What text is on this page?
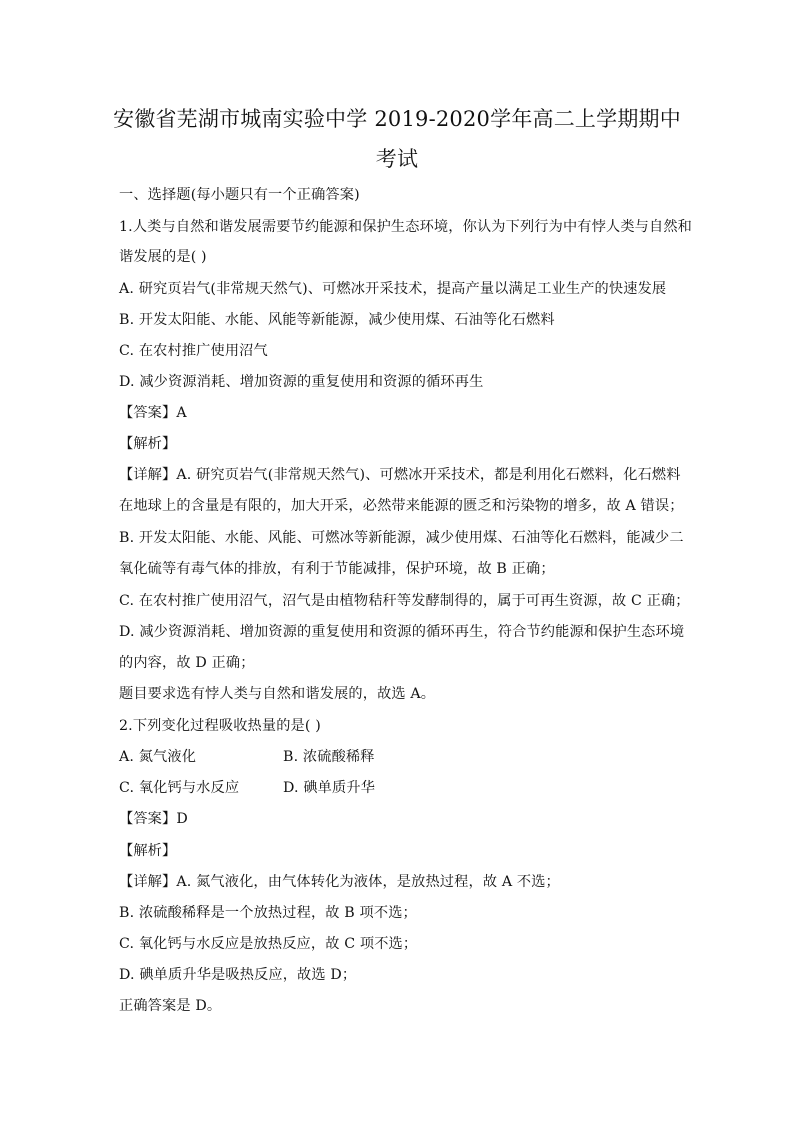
安徽省芜湖市城南实验中学 2019-2020学年高二上学期期中
考试
一、选择题(每小题只有一个正确答案)
1.人类与自然和谐发展需要节约能源和保护生态环境，你认为下列行为中有悖人类与自然和
谐发展的是( )
A. 研究页岩气(非常规天然气)、可燃冰开采技术，提高产量以满足工业生产的快速发展
B. 开发太阳能、水能、风能等新能源，减少使用煤、石油等化石燃料
C. 在农村推广使用沼气
D. 减少资源消耗、增加资源的重复使用和资源的循环再生
【答案】A
【解析】
【详解】A. 研究页岩气(非常规天然气)、可燃冰开采技术，都是利用化石燃料，化石燃料
在地球上的含量是有限的，加大开采，必然带来能源的匮乏和污染物的增多，故 A 错误；
B. 开发太阳能、水能、风能、可燃冰等新能源，减少使用煤、石油等化石燃料，能减少二
氧化硫等有毒气体的排放，有利于节能减排，保护环境，故 B 正确；
C. 在农村推广使用沼气，沼气是由植物秸秆等发酵制得的，属于可再生资源，故 C 正确；
D. 减少资源消耗、增加资源的重复使用和资源的循环再生，符合节约能源和保护生态环境
的内容，故 D 正确；
题目要求选有悖人类与自然和谐发展的，故选 A。
2.下列变化过程吸收热量的是( )
A. 氮气液化	B. 浓硫酸稀释
C. 氧化钙与水反应	D. 碘单质升华
【答案】D
【解析】
【详解】A. 氮气液化，由气体转化为液体，是放热过程，故 A 不选；
B. 浓硫酸稀释是一个放热过程，故 B 项不选；
C. 氧化钙与水反应是放热反应，故 C 项不选；
D. 碘单质升华是吸热反应，故选 D；
正确答案是 D。
